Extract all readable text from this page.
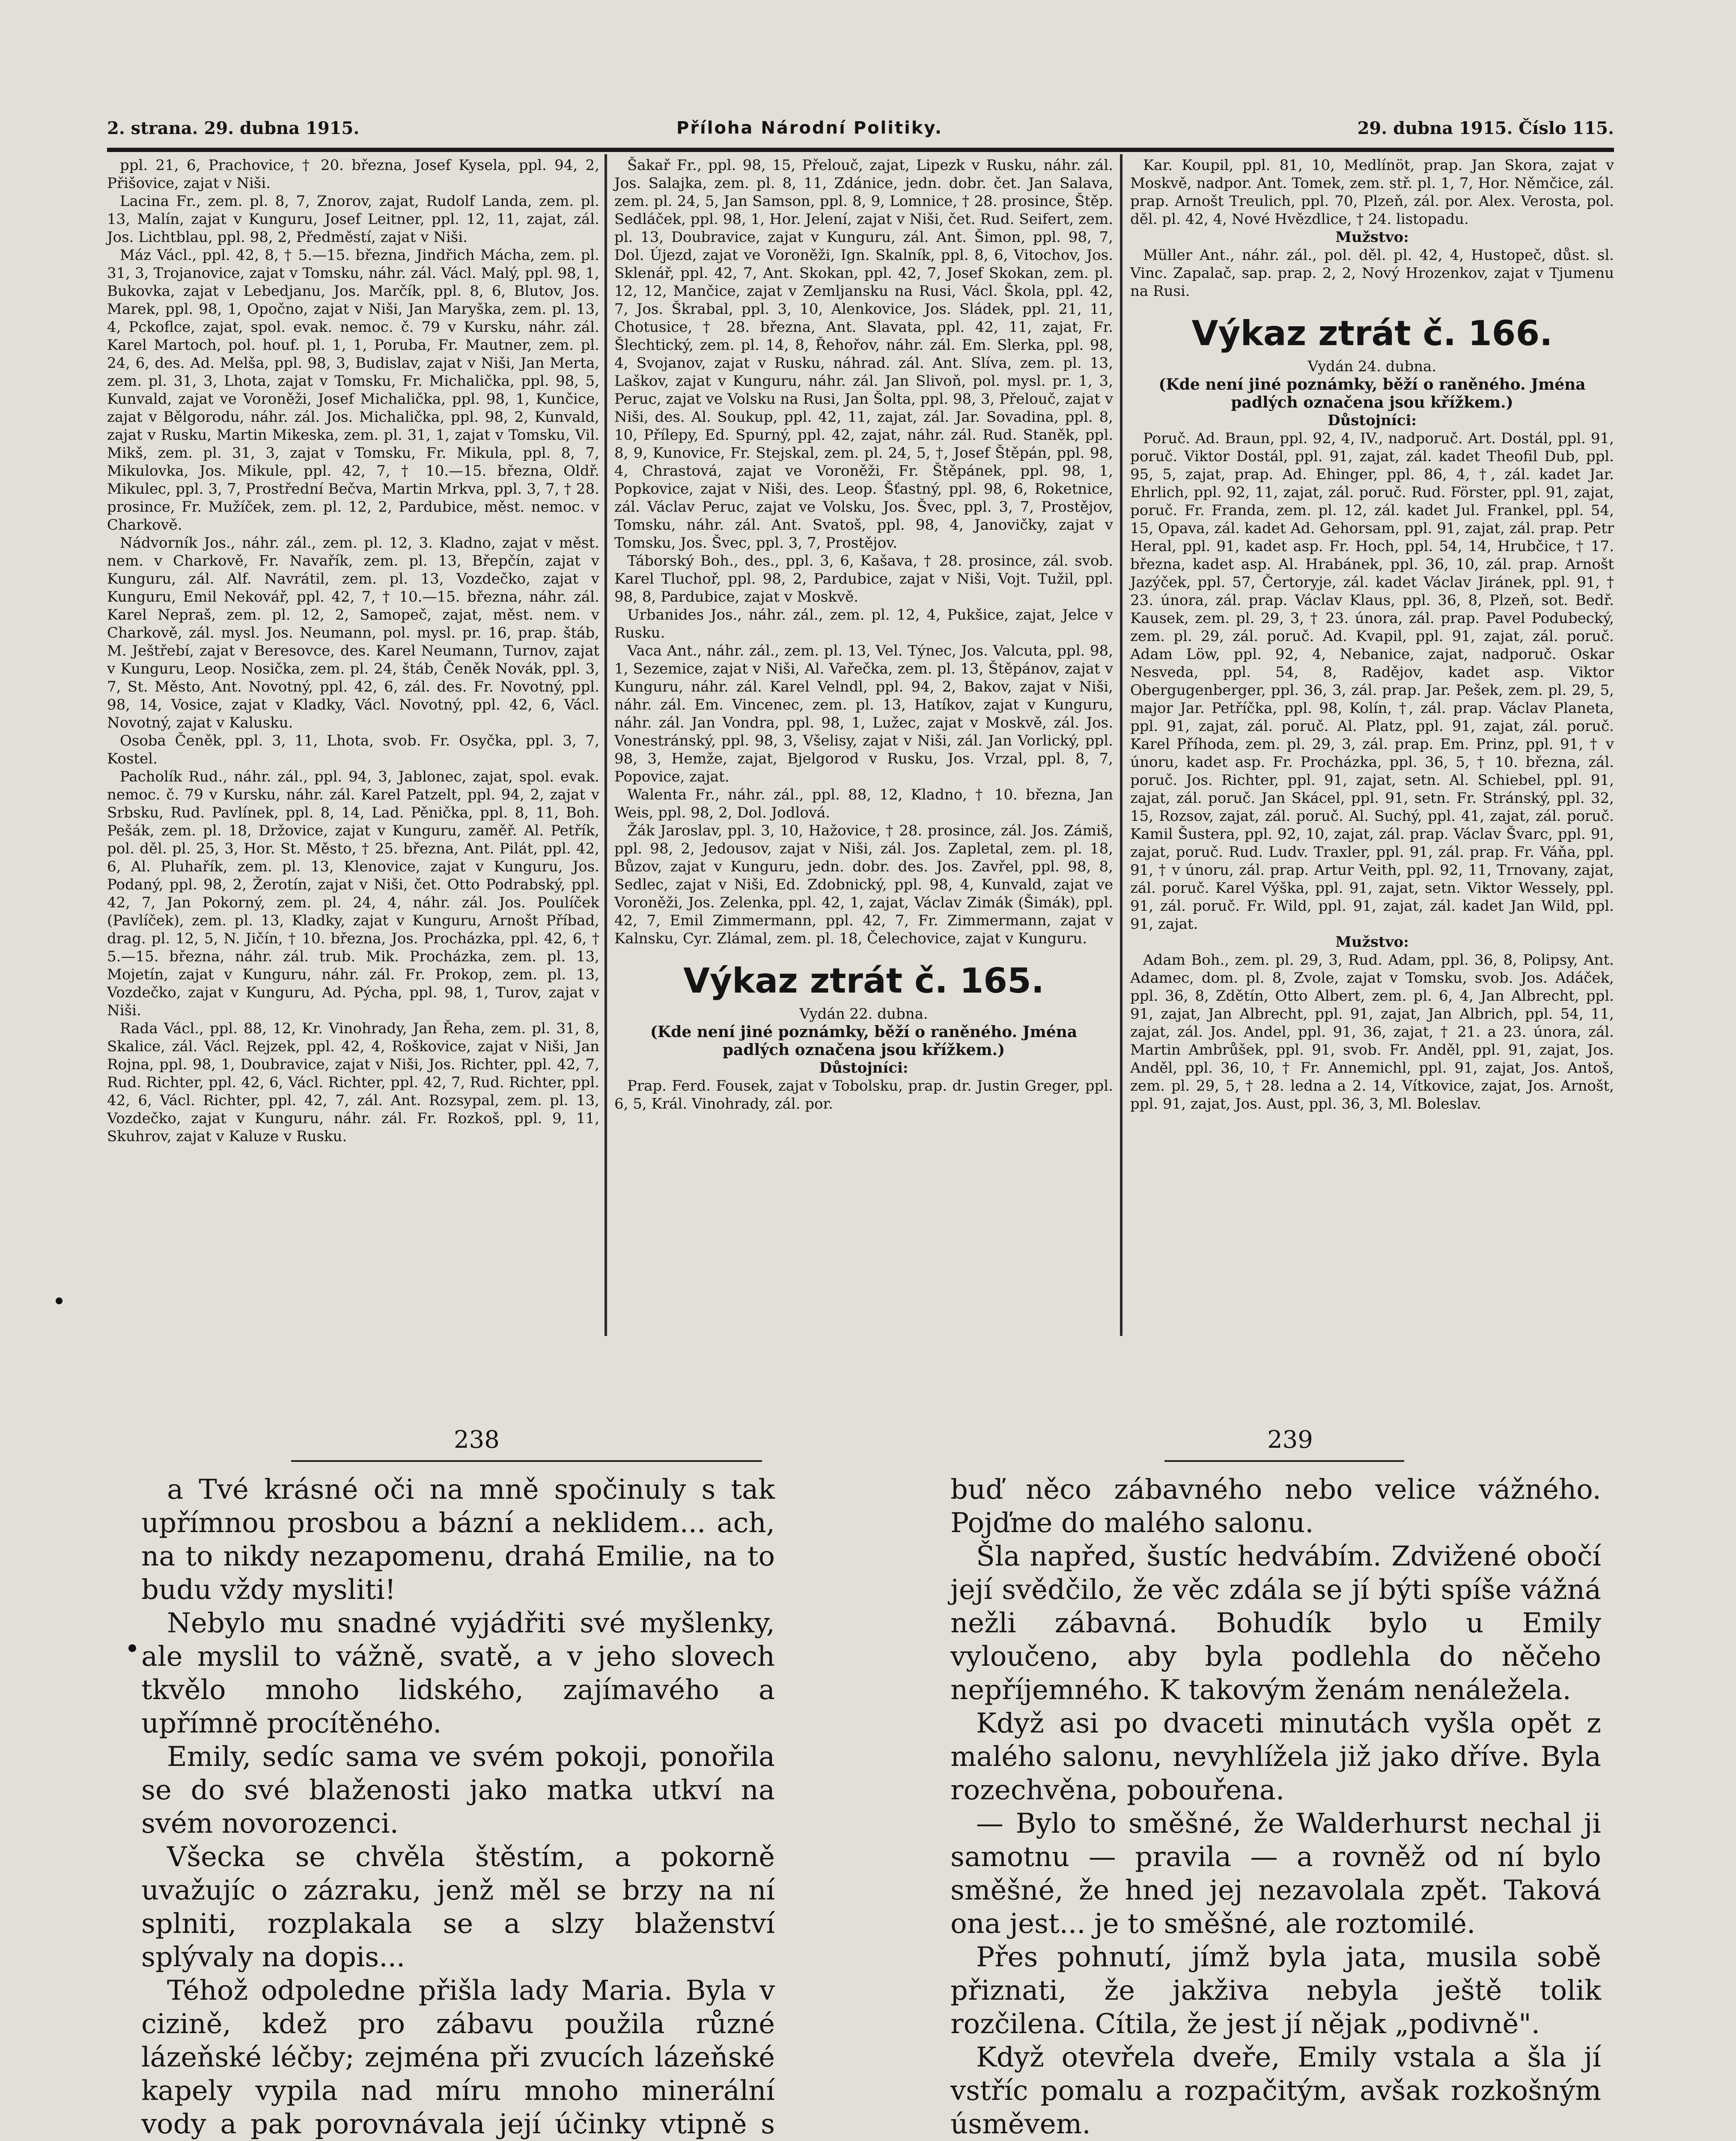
2. strana. 29. dubna 1915.	Příloha Národní Politiky.	29. dubna 1915. Číslo 115.

ppl. 21, 6, Prachovice, † 20. března, Josef Kysela, ppl. 94, 2, Přišovice, zajat v Niši.

Lacina Fr., zem. pl. 8, 7, Znorov, zajat, Rudolf Landa, zem. pl. 13, Malín, zajat v Kunguru, Josef Leitner, ppl. 12, 11, zajat, zál. Jos. Lichtblau, ppl. 98, 2, Předměstí, zajat v Niši.

Máz Václ., ppl. 42, 8, † 5.—15. března, Jindřich Mácha, zem. pl. 31, 3, Trojanovice, zajat v Tomsku, náhr. zál. Václ. Malý, ppl. 98, 1, Bukovka, zajat v Lebedjanu, Jos. Marčík, ppl. 8, 6, Blutov, Jos. Marek, ppl. 98, 1, Opočno, zajat v Niši, Jan Maryška, zem. pl. 13, 4, Pckoflce, zajat, spol. evak. nemoc. č. 79 v Kursku, náhr. zál. Karel Martoch, pol. houf. pl. 1, 1, Poruba, Fr. Mautner, zem. pl. 24, 6, des. Ad. Melša, ppl. 98, 3, Budislav, zajat v Niši, Jan Merta, zem. pl. 31, 3, Lhota, zajat v Tomsku, Fr. Michalička, ppl. 98, 5, Kunvald, zajat ve Voroněži, Josef Michalička, ppl. 98, 1, Kunčice, zajat v Bělgorodu, náhr. zál. Jos. Michalička, ppl. 98, 2, Kunvald, zajat v Rusku, Martin Mikeska, zem. pl. 31, 1, zajat v Tomsku, Vil. Mikš, zem. pl. 31, 3, zajat v Tomsku, Fr. Mikula, ppl. 8, 7, Mikulovka, Jos. Mikule, ppl. 42, 7, † 10.—15. března, Oldř. Mikulec, ppl. 3, 7, Prostřední Bečva, Martin Mrkva, ppl. 3, 7, † 28. prosince, Fr. Mužíček, zem. pl. 12, 2, Pardubice, měst. nemoc. v Charkově.

Nádvorník Jos., náhr. zál., zem. pl. 12, 3. Kladno, zajat v měst. nem. v Charkově, Fr. Navařík, zem. pl. 13, Břepčín, zajat v Kunguru, zál. Alf. Navrátil, zem. pl. 13, Vozdečko, zajat v Kunguru, Emil Nekovář, ppl. 42, 7, † 10.—15. března, náhr. zál. Karel Neprаš, zem. pl. 12, 2, Samopeč, zajat, měst. nem. v Charkově, zál. mysl. Jos. Neumann, pol. mysl. pr. 16, prap. štáb, M. Ještřebí, zajat v Beresovce, des. Karel Neumann, Turnov, zajat v Kunguru, Leop. Nosička, zem. pl. 24, štáb, Čeněk Novák, ppl. 3, 7, St. Město, Ant. Novotný, ppl. 42, 6, zál. des. Fr. Novotný, ppl. 98, 14, Vosice, zajat v Kladky, Václ. Novotný, ppl. 42, 6, Václ. Novotný, zajat v Kalusku.

Osoba Čeněk, ppl. 3, 11, Lhota, svob. Fr. Osyčka, ppl. 3, 7, Kostel.

Pacholík Rud., náhr. zál., ppl. 94, 3, Jablonec, zajat, spol. evak. nemoc. č. 79 v Kursku, náhr. zál. Karel Patzelt, ppl. 94, 2, zajat v Srbsku, Rud. Pavlínek, ppl. 8, 14, Lad. Pěnička, ppl. 8, 11, Boh. Pešák, zem. pl. 18, Držovice, zajat v Kunguru, zaměř. Al. Petřík, pol. děl. pl. 25, 3, Hor. St. Město, † 25. března, Ant. Pilát, ppl. 42, 6, Al. Pluhařík, zem. pl. 13, Klenovice, zajat v Kunguru, Jos. Podaný, ppl. 98, 2, Žerotín, zajat v Niši, čet. Otto Podrabský, ppl. 42, 7, Jan Pokorný, zem. pl. 24, 4, náhr. zál. Jos. Poulíček (Pavlíček), zem. pl. 13, Kladky, zajat v Kunguru, Arnošt Příbad, drag. pl. 12, 5, N. Jičín, † 10. března, Jos. Procházka, ppl. 42, 6, † 5.—15. března, náhr. zál. trub. Mik. Procházka, zem. pl. 13, Mojetín, zajat v Kunguru, náhr. zál. Fr. Prokop, zem. pl. 13, Vozdečko, zajat v Kunguru, Ad. Pýcha, ppl. 98, 1, Turov, zajat v Niši.

Rada Václ., ppl. 88, 12, Kr. Vinohrady, Jan Řeha, zem. pl. 31, 8, Skalice, zál. Václ. Rejzek, ppl. 42, 4, Roškovice, zajat v Niši, Jan Rojna, ppl. 98, 1, Doubravice, zajat v Niši, Jos. Richter, ppl. 42, 7, Rud. Richter, ppl. 42, 6, Václ. Richter, ppl. 42, 7, Rud. Richter, ppl. 42, 6, Václ. Richter, ppl. 42, 7, zál. Ant. Rozsypal, zem. pl. 13, Vozdečko, zajat v Kunguru, náhr. zál. Fr. Rozkoš, ppl. 9, 11, Skuhrov, zajat v Kaluze v Rusku.

Šakař Fr., ppl. 98, 15, Přelouč, zajat, Lipezk v Rusku, náhr. zál. Jos. Salajka, zem. pl. 8, 11, Zdánice, jedn. dobr. čet. Jan Salava, zem. pl. 24, 5, Jan Samson, ppl. 8, 9, Lomnice, † 28. prosince, Štěp. Sedláček, ppl. 98, 1, Hor. Jelení, zajat v Niši, čet. Rud. Seifert, zem. pl. 13, Doubravice, zajat v Kunguru, zál. Ant. Šimon, ppl. 98, 7, Dol. Újezd, zajat ve Voroněži, Ign. Skalník, ppl. 8, 6, Vitochov, Jos. Sklenář, ppl. 42, 7, Ant. Skokan, ppl. 42, 7, Josef Skokan, zem. pl. 12, 12, Mančice, zajat v Zemljansku na Rusi, Václ. Škola, ppl. 42, 7, Jos. Škrabal, ppl. 3, 10, Alenkovice, Jos. Sládek, ppl. 21, 11, Chotusice, † 28. března, Ant. Slavata, ppl. 42, 11, zajat, Fr. Šlechtický, zem. pl. 14, 8, Řehořov, náhr. zál. Em. Slerka, ppl. 98, 4, Svojanov, zajat v Rusku, náhrad. zál. Ant. Slíva, zem. pl. 13, Laškov, zajat v Kunguru, náhr. zál. Jan Slivoň, pol. mysl. pr. 1, 3, Peruc, zajat ve Volsku na Rusi, Jan Šolta, ppl. 98, 3, Přelouč, zajat v Niši, des. Al. Soukup, ppl. 42, 11, zajat, zál. Jar. Sovadina, ppl. 8, 10, Přílepy, Ed. Spurný, ppl. 42, zajat, náhr. zál. Rud. Staněk, ppl. 8, 9, Kunovice, Fr. Stejskal, zem. pl. 24, 5, †, Josef Štěpán, ppl. 98, 4, Chrastová, zajat ve Voroněži, Fr. Štěpánek, ppl. 98, 1, Popkovice, zajat v Niši, des. Leop. Šťastný, ppl. 98, 6, Roketnice, zál. Václav Peruc, zajat ve Volsku, Jos. Švec, ppl. 3, 7, Prostějov, Tomsku, náhr. zál. Ant. Svatoš, ppl. 98, 4, Janovičky, zajat v Tomsku, Jos. Švec, ppl. 3, 7, Prostějov.

Táborský Boh., des., ppl. 3, 6, Kašava, † 28. prosince, zál. svob. Karel Tluchoř, ppl. 98, 2, Pardubice, zajat v Niši, Vojt. Tužil, ppl. 98, 8, Pardubice, zajat v Moskvě.

Urbanides Jos., náhr. zál., zem. pl. 12, 4, Pukšice, zajat, Jelce v Rusku.

Vaca Ant., náhr. zál., zem. pl. 13, Vel. Týnec, Jos. Valcuta, ppl. 98, 1, Sezemice, zajat v Niši, Al. Vařečka, zem. pl. 13, Štěpánov, zajat v Kunguru, náhr. zál. Karel Velndl, ppl. 94, 2, Bakov, zajat v Niši, náhr. zál. Em. Vincenec, zem. pl. 13, Hatíkov, zajat v Kunguru, náhr. zál. Jan Vondra, ppl. 98, 1, Lužec, zajat v Moskvě, zál. Jos. Vonestránský, ppl. 98, 3, Všelisy, zajat v Niši, zál. Jan Vorlický, ppl. 98, 3, Hemže, zajat, Bjelgorod v Rusku, Jos. Vrzal, ppl. 8, 7, Popovice, zajat.

Walenta Fr., náhr. zál., ppl. 88, 12, Kladno, † 10. března, Jan Weis, ppl. 98, 2, Dol. Jodlová.

Žák Jaroslav, ppl. 3, 10, Hažovice, † 28. prosince, zál. Jos. Zámiš, ppl. 98, 2, Jedousov, zajat v Niši, zál. Jos. Zapletal, zem. pl. 18, Bůzov, zajat v Kunguru, jedn. dobr. des. Jos. Zavřel, ppl. 98, 8, Sedlec, zajat v Niši, Ed. Zdobnický, ppl. 98, 4, Kunvald, zajat ve Voroněži, Jos. Zelenka, ppl. 42, 1, zajat, Václav Zimák (Šimák), ppl. 42, 7, Emil Zimmermann, ppl. 42, 7, Fr. Zimmermann, zajat v Kalnsku, Cyr. Zlámal, zem. pl. 18, Čelechovice, zajat v Kunguru.

Výkaz ztrát č. 165.

Vydán 22. dubna.

(Kde není jiné poznámky, běží o raněného. Jména padlých označena jsou křížkem.)

Důstojníci:

Prap. Ferd. Fousek, zajat v Tobolsku, prap. dr. Justin Greger, ppl. 6, 5, Král. Vinohrady, zál. por.

Kar. Koupil, ppl. 81, 10, Medlínöt, prap. Jan Skora, zajat v Moskvě, nadpor. Ant. Tomek, zem. stř. pl. 1, 7, Hor. Němčice, zál. prap. Arnošt Treulich, ppl. 70, Plzeň, zál. por. Alex. Verosta, pol. děl. pl. 42, 4, Nové Hvězdlice, † 24. listopadu.

Mužstvo:

Müller Ant., náhr. zál., pol. děl. pl. 42, 4, Hustopeč, důst. sl. Vinc. Zapalač, sap. prap. 2, 2, Nový Hrozenkov, zajat v Tjumenu na Rusi.

Výkaz ztrát č. 166.

Vydán 24. dubna.

(Kde není jiné poznámky, běží o raněného. Jména padlých označena jsou křížkem.)

Důstojníci:

Poruč. Ad. Braun, ppl. 92, 4, IV., nadporuč. Art. Dostál, ppl. 91, poruč. Viktor Dostál, ppl. 91, zajat, zál. kadet Theofil Dub, ppl. 95, 5, zajat, prap. Ad. Ehinger, ppl. 86, 4, †, zál. kadet Jar. Ehrlich, ppl. 92, 11, zajat, zál. poruč. Rud. Förster, ppl. 91, zajat, poruč. Fr. Franda, zem. pl. 12, zál. kadet Jul. Frankel, ppl. 54, 15, Opava, zál. kadet Ad. Gehorsam, ppl. 91, zajat, zál. prap. Petr Heral, ppl. 91, kadet asp. Fr. Hoch, ppl. 54, 14, Hrubčice, † 17. března, kadet asp. Al. Hrabánek, ppl. 36, 10, zál. prap. Arnošt Jazýček, ppl. 57, Čertoryje, zál. kadet Václav Jiránek, ppl. 91, † 23. února, zál. prap. Václav Klaus, ppl. 36, 8, Plzeň, sot. Bedř. Kausek, zem. pl. 29, 3, † 23. února, zál. prap. Pavel Podubecký, zem. pl. 29, zál. poruč. Ad. Kvapil, ppl. 91, zajat, zál. poruč. Adam Löw, ppl. 92, 4, Nebanice, zajat, nadporuč. Oskar Nesveda, ppl. 54, 8, Radějov, kadet asp. Viktor Obergugenberger, ppl. 36, 3, zál. prap. Jar. Pešek, zem. pl. 29, 5, major Jar. Petříčka, ppl. 98, Kolín, †, zál. prap. Václav Planeta, ppl. 91, zajat, zál. poruč. Al. Platz, ppl. 91, zajat, zál. poruč. Karel Příhoda, zem. pl. 29, 3, zál. prap. Em. Prinz, ppl. 91, † v únoru, kadet asp. Fr. Procházka, ppl. 36, 5, † 10. března, zál. poruč. Jos. Richter, ppl. 91, zajat, setn. Al. Schiebel, ppl. 91, zajat, zál. poruč. Jan Skácel, ppl. 91, setn. Fr. Stránský, ppl. 32, 15, Rozsov, zajat, zál. poruč. Al. Suchý, ppl. 41, zajat, zál. poruč. Kamil Šustera, ppl. 92, 10, zajat, zál. prap. Václav Švarc, ppl. 91, zajat, poruč. Rud. Ludv. Traxler, ppl. 91, zál. prap. Fr. Váňa, ppl. 91, † v únoru, zál. prap. Artur Veith, ppl. 92, 11, Trnovany, zajat, zál. poruč. Karel Výška, ppl. 91, zajat, setn. Viktor Wessely, ppl. 91, zál. poruč. Fr. Wild, ppl. 91, zajat, zál. kadet Jan Wild, ppl. 91, zajat.

Mužstvo:

Adam Boh., zem. pl. 29, 3, Rud. Adam, ppl. 36, 8, Polipsy, Ant. Adamec, dom. pl. 8, Zvole, zajat v Tomsku, svob. Jos. Adáček, ppl. 36, 8, Zdětín, Otto Albert, zem. pl. 6, 4, Jan Albrecht, ppl. 91, zajat, Jan Albrecht, ppl. 91, zajat, Jan Albrich, ppl. 54, 11, zajat, zál. Jos. Andel, ppl. 91, 36, zajat, † 21. a 23. února, zál. Martin Ambrůšek, ppl. 91, svob. Fr. Anděl, ppl. 91, zajat, Jos. Anděl, ppl. 36, 10, † Fr. Annemichl, ppl. 91, zajat, Jos. Antoš, zem. pl. 29, 5, † 28. ledna a 2. 14, Vítkovice, zajat, Jos. Arnošt, ppl. 91, zajat, Jos. Aust, ppl. 36, 3, Ml. Boleslav.

238	239

a Tvé krásné oči na mně spočinuly s tak upřímnou prosbou a bázní a neklidem... ach, na to nikdy nezapomenu, drahá Emilie, na to budu vždy mysliti!

Nebylo mu snadné vyjádřiti své myšlenky, ale myslil to vážně, svatě, a v jeho slovech tkvělo mnoho lidského, zajímavého a upřímně procítěného.

Emily, sedíc sama ve svém pokoji, ponořila se do své blaženosti jako matka utkví na svém novorozenci.

Všecka se chvěla štěstím, a pokorně uvažujíc o zázraku, jenž měl se brzy na ní splniti, rozplakala se a slzy blaženství splývaly na dopis...

Téhož odpoledne přišla lady Maria. Byla v cizině, kdež pro zábavu použila různé lázeňské léčby; zejména při zvucích lázeňské kapely vypila nad míru mnoho minerální vody a pak porovnávala její účinky vtipně s

buď něco zábavného nebo velice vážného. Pojďme do malého salonu.

Šla napřed, šustíc hedvábím. Zdvižené obočí její svědčilo, že věc zdála se jí býti spíše vážná nežli zábavná. Bohudík bylo u Emily vyloučeno, aby byla podlehla do něčeho nepříjemného. K takovým ženám nenáležela.

Když asi po dvaceti minutách vyšla opět z malého salonu, nevyhlížela již jako dříve. Byla rozechvěna, pobouřena.

— Bylo to směšné, že Walderhurst nechal ji samotnu — pravila — a rovněž od ní bylo směšné, že hned jej nezavolala zpět. Taková ona jest... je to směšné, ale roztomilé.

Přes pohnutí, jímž byla jata, musila sobě přiznati, že jakživa nebyla ještě tolik rozčilena. Cítila, že jest jí nějak „podivně".

Když otevřela dveře, Emily vstala a šla jí vstříc pomalu a rozpačitým, avšak rozkošným úsměvem.
